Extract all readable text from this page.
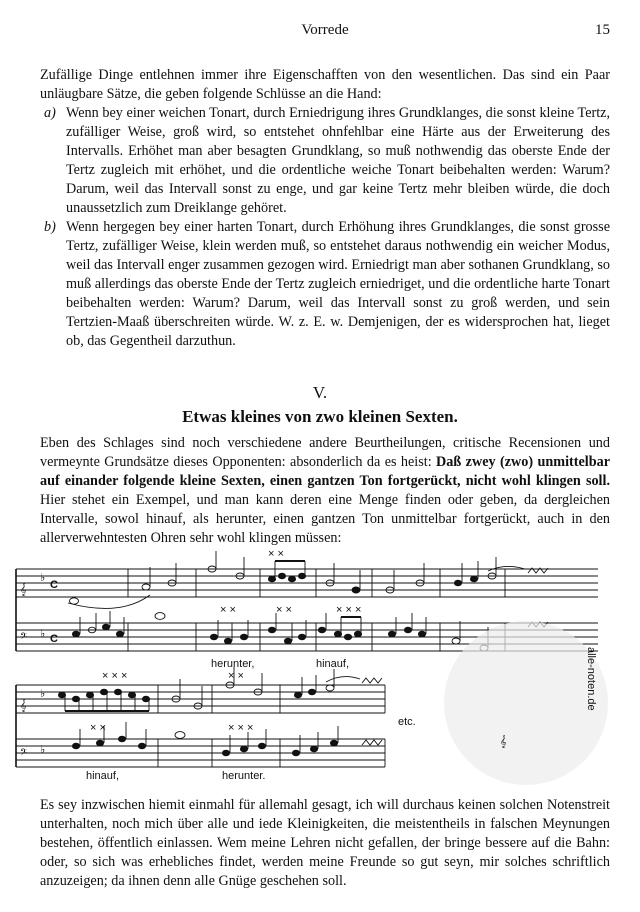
Vorrede	15
Zufällige Dinge entlehnen immer ihre Eigenschafften von den wesentlichen. Das sind ein Paar unläugbare Sätze, die geben folgende Schlüsse an die Hand:
a) Wenn bey einer weichen Tonart, durch Erniedrigung ihres Grundklanges, die sonst kleine Tertz, zufälliger Weise, groß wird, so entstehet ohnfehlbar eine Härte aus der Erweiterung des Intervalls. Erhöhet man aber besagten Grundklang, so muß nothwendig das oberste Ende der Tertz zugleich mit erhöhet, und die ordentliche weiche Tonart beibehalten werden: Warum? Darum, weil das Intervall sonst zu enge, und gar keine Tertz mehr bleiben würde, die doch unaussetzlich zum Dreiklange gehöret.
b) Wenn hergegen bey einer harten Tonart, durch Erhöhung ihres Grundklanges, die sonst grosse Tertz, zufälliger Weise, klein werden muß, so entstehet daraus nothwendig ein weicher Modus, weil das Intervall enger zusammen gezogen wird. Erniedrigt man aber sothanen Grundklang, so muß allerdings das oberste Ende der Tertz zugleich erniedriget, und die ordentliche harte Tonart beibehalten werden: Warum? Darum, weil das Intervall sonst zu groß werden, und sein Tertzien-Maaß überschreiten würde. W. z. E. w. Demjenigen, der es widersprochen hat, lieget ob, das Gegentheil darzuthun.
V.
Etwas kleines von zwo kleinen Sexten.
Eben des Schlages sind noch verschiedene andere Beurtheilungen, critische Recensionen und vermeynte Grundsätze dieses Opponenten: absonderlich da es heist: Daß zwey (zwo) unmittelbar auf einander folgende kleine Sexten, einen gantzen Ton fortgerückt, nicht wohl klingen soll. Hier stehet ein Exempel, und man kann deren eine Menge finden oder geben, da dergleichen Intervalle, sowol hinauf, als herunter, einen gantzen Ton unmittelbar fortgerückt, auch in den allerverwehntesten Ohren sehr wohl klingen müssen:
𝄞
𝄢
♭
♭
C
C
× ×	× ×	× × ×
× ×
herunter,	hinauf,
𝄞
𝄢
♭
♭
× ×	× × ×
× × ×	× ×
etc.
hinauf,	herunter.
𝄞
alle-noten.de
Es sey inzwischen hiemit einmahl für allemahl gesagt, ich will durchaus keinen solchen Notenstreit unterhalten, noch mich über alle und iede Kleinigkeiten, die meistentheils in falschen Meynungen bestehen, öffentlich einlassen. Wem meine Lehren nicht gefallen, der bringe bessere auf die Bahn: oder, so sich was erhebliches findet, werden meine Freunde so gut seyn, mir solches schriftlich anzuzeigen; da ihnen denn alle Gnüge geschehen soll.
